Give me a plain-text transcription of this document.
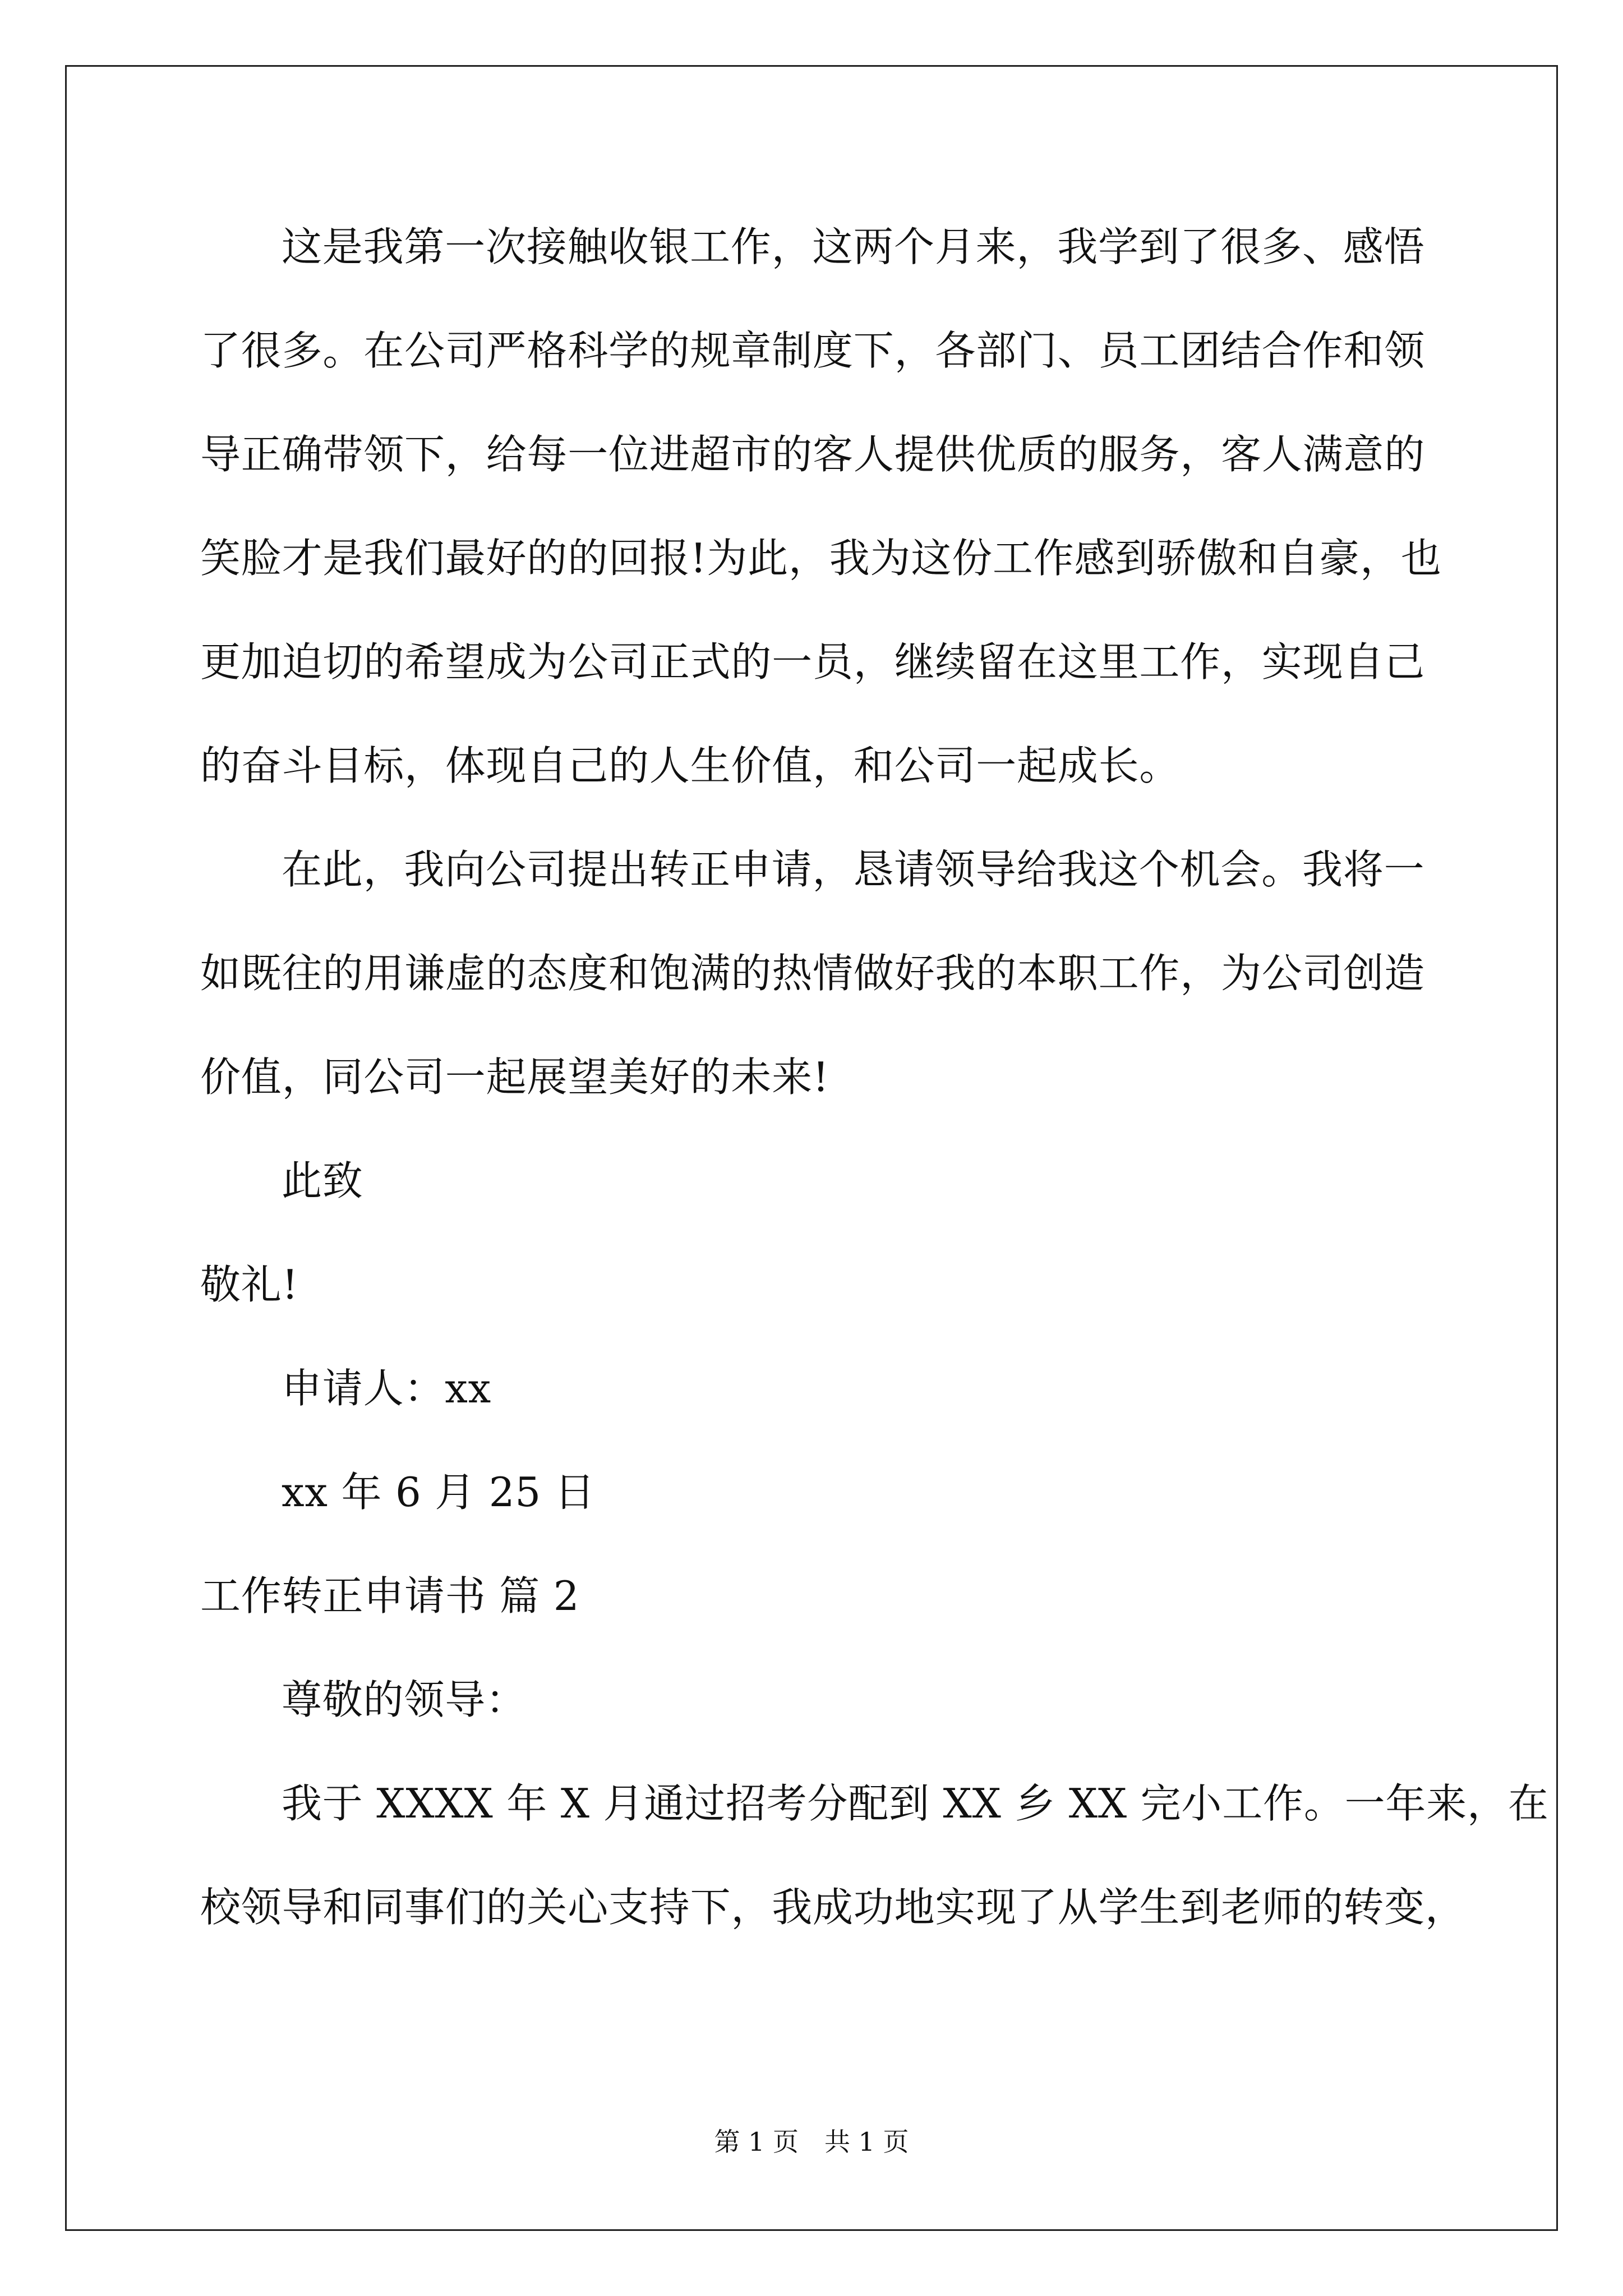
这是我第一次接触收银工作，这两个月来，我学到了很多、感悟
了很多。在公司严格科学的规章制度下，各部门、员工团结合作和领
导正确带领下，给每一位进超市的客人提供优质的服务，客人满意的
笑脸才是我们最好的的回报!为此，我为这份工作感到骄傲和自豪，也
更加迫切的希望成为公司正式的一员，继续留在这里工作，实现自己
的奋斗目标，体现自己的人生价值，和公司一起成长。
在此，我向公司提出转正申请，恳请领导给我这个机会。我将一
如既往的用谦虚的态度和饱满的热情做好我的本职工作，为公司创造
价值，同公司一起展望美好的未来!
此致
敬礼!
申请人：xx
xx 年 6 月 25 日
工作转正申请书 篇 2
尊敬的领导：
我于 XXXX 年 X 月通过招考分配到 XX 乡 XX 完小工作。一年来，在
校领导和同事们的关心支持下，我成功地实现了从学生到老师的转变，
第 1 页　共 1 页
